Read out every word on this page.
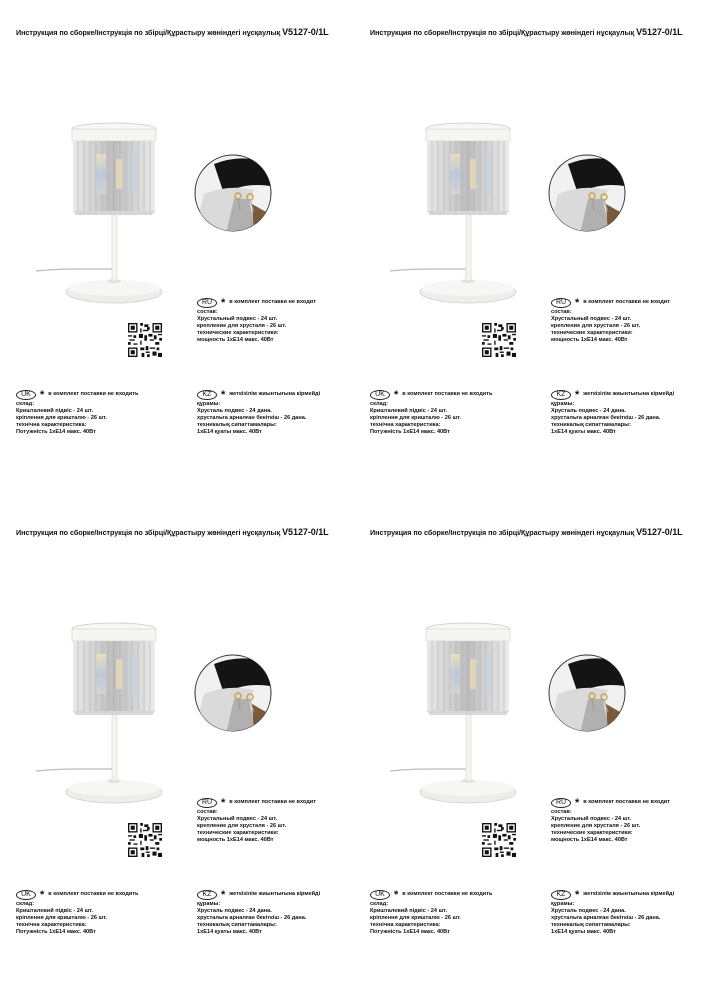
Инструкция по сборке/Інструкція по збірці/Құрастыру жөніндегі нұсқаулық V5127-0/1L
RU * в комплект поставки не входит
состав:
Хрустальный подвес - 24 шт.
крепление для хрусталя - 26 шт.
технические характеристики:
мощность 1хE14 макс. 40Вт
UK * в комплект поставки не входить
склад:
Кришталевий підвіс - 24 шт.
кріплення для кришталю - 26 шт.
технічна характеристика:
Потужність 1хE14 макс. 40Вт
KZ * жеткізілім жиынтығына кірмейді
құрамы:
Хрусталь подвес - 24 дана.
хрустальға арналған бекіткіш - 26 дана.
техникалық сипаттамалары:
1хE14 қуаты макс. 40Вт
Инструкция по сборке/Інструкція по збірці/Құрастыру жөніндегі нұсқаулық V5127-0/1L
RU * в комплект поставки не входит
состав:
Хрустальный подвес - 24 шт.
крепление для хрусталя - 26 шт.
технические характеристики:
мощность 1хE14 макс. 40Вт
UK * в комплект поставки не входить
склад:
Кришталевий підвіс - 24 шт.
кріплення для кришталю - 26 шт.
технічна характеристика:
Потужність 1хE14 макс. 40Вт
KZ * жеткізілім жиынтығына кірмейді
құрамы:
Хрусталь подвес - 24 дана.
хрустальға арналған бекіткіш - 26 дана.
техникалық сипаттамалары:
1хE14 қуаты макс. 40Вт
Инструкция по сборке/Інструкція по збірці/Құрастыру жөніндегі нұсқаулық V5127-0/1L
RU * в комплект поставки не входит
состав:
Хрустальный подвес - 24 шт.
крепление для хрусталя - 26 шт.
технические характеристики:
мощность 1хE14 макс. 40Вт
UK * в комплект поставки не входить
склад:
Кришталевий підвіс - 24 шт.
кріплення для кришталю - 26 шт.
технічна характеристика:
Потужність 1хE14 макс. 40Вт
KZ * жеткізілім жиынтығына кірмейді
құрамы:
Хрусталь подвес - 24 дана.
хрустальға арналған бекіткіш - 26 дана.
техникалық сипаттамалары:
1хE14 қуаты макс. 40Вт
Инструкция по сборке/Інструкція по збірці/Құрастыру жөніндегі нұсқаулық V5127-0/1L
RU * в комплект поставки не входит
состав:
Хрустальный подвес - 24 шт.
крепление для хрусталя - 26 шт.
технические характеристики:
мощность 1хE14 макс. 40Вт
UK * в комплект поставки не входить
склад:
Кришталевий підвіс - 24 шт.
кріплення для кришталю - 26 шт.
технічна характеристика:
Потужність 1хE14 макс. 40Вт
KZ * жеткізілім жиынтығына кірмейді
құрамы:
Хрусталь подвес - 24 дана.
хрустальға арналған бекіткіш - 26 дана.
техникалық сипаттамалары:
1хE14 қуаты макс. 40Вт
